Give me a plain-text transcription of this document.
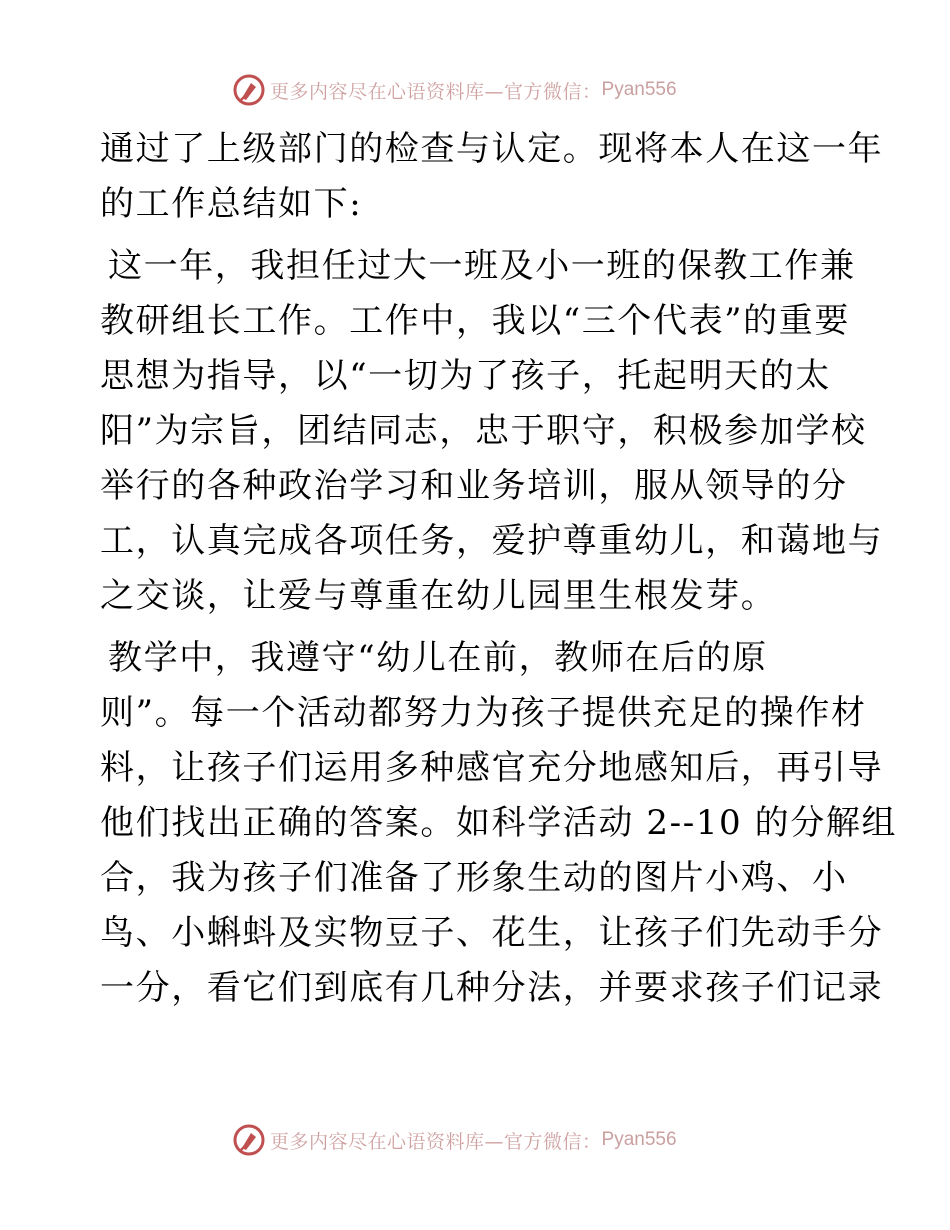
更多内容尽在心语资料库—官方微信： Pyan556
通过了上级部门的检查与认定。现将本人在这一年
的工作总结如下:
这一年，我担任过大一班及小一班的保教工作兼
教研组长工作。工作中，我以“三个代表”的重要
思想为指导，以“一切为了孩子，托起明天的太
阳”为宗旨，团结同志，忠于职守，积极参加学校
举行的各种政治学习和业务培训，服从领导的分
工，认真完成各项任务，爱护尊重幼儿，和蔼地与
之交谈，让爱与尊重在幼儿园里生根发芽。
教学中，我遵守“幼儿在前，教师在后的原
则”。每一个活动都努力为孩子提供充足的操作材
料，让孩子们运用多种感官充分地感知后，再引导
他们找出正确的答案。如科学活动 2--10 的分解组
合，我为孩子们准备了形象生动的图片小鸡、小
鸟、小蝌蚪及实物豆子、花生，让孩子们先动手分
一分，看它们到底有几种分法，并要求孩子们记录
更多内容尽在心语资料库—官方微信： Pyan556
